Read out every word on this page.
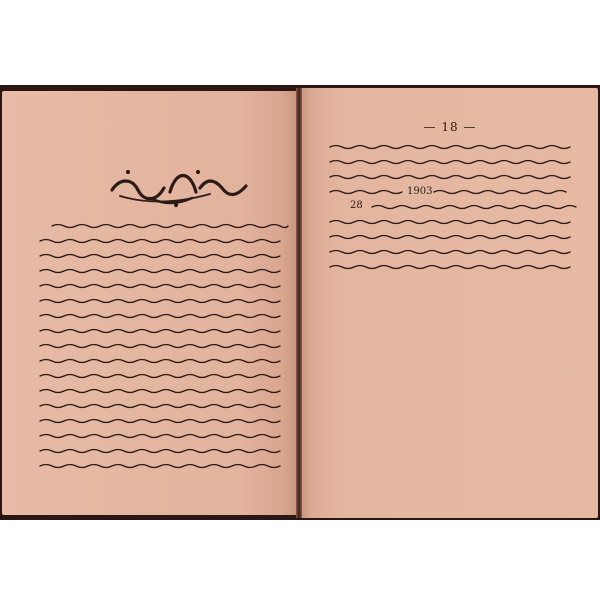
— 18 —
1903
28
